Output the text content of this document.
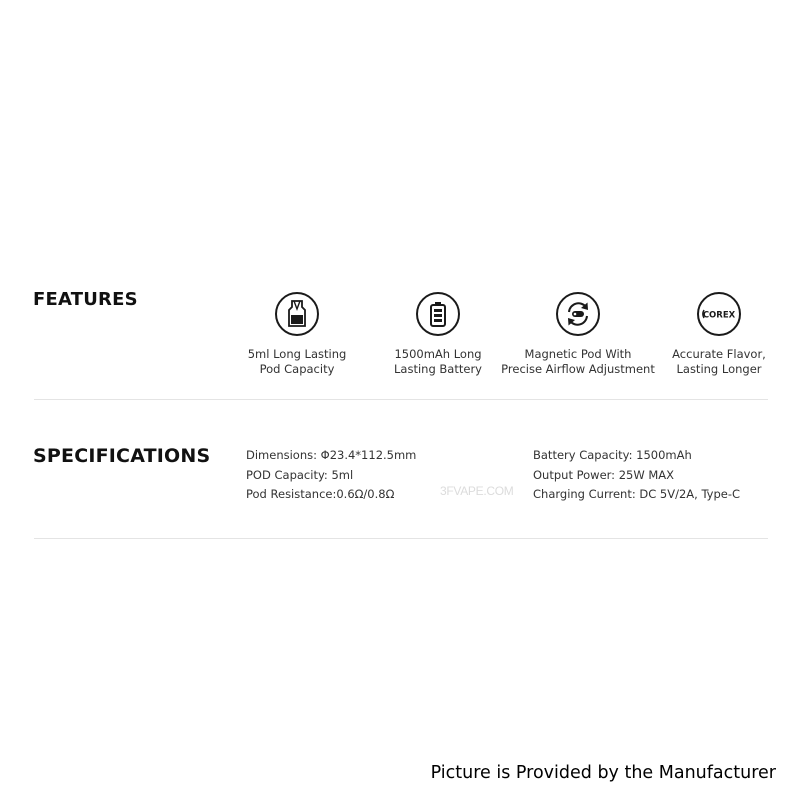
FEATURES
5ml Long Lasting
Pod Capacity
1500mAh Long
Lasting Battery
Magnetic Pod With
Precise Airflow Adjustment
COREX
Accurate Flavor,
Lasting Longer
SPECIFICATIONS	Dimensions: Φ23.4*112.5mm
POD Capacity: 5ml
Pod Resistance:0.6Ω/0.8Ω	3FVAPE.COM
Battery Capacity: 1500mAh
Output Power: 25W MAX
Charging Current: DC 5V/2A, Type-C
Picture is Provided by the Manufacturer
